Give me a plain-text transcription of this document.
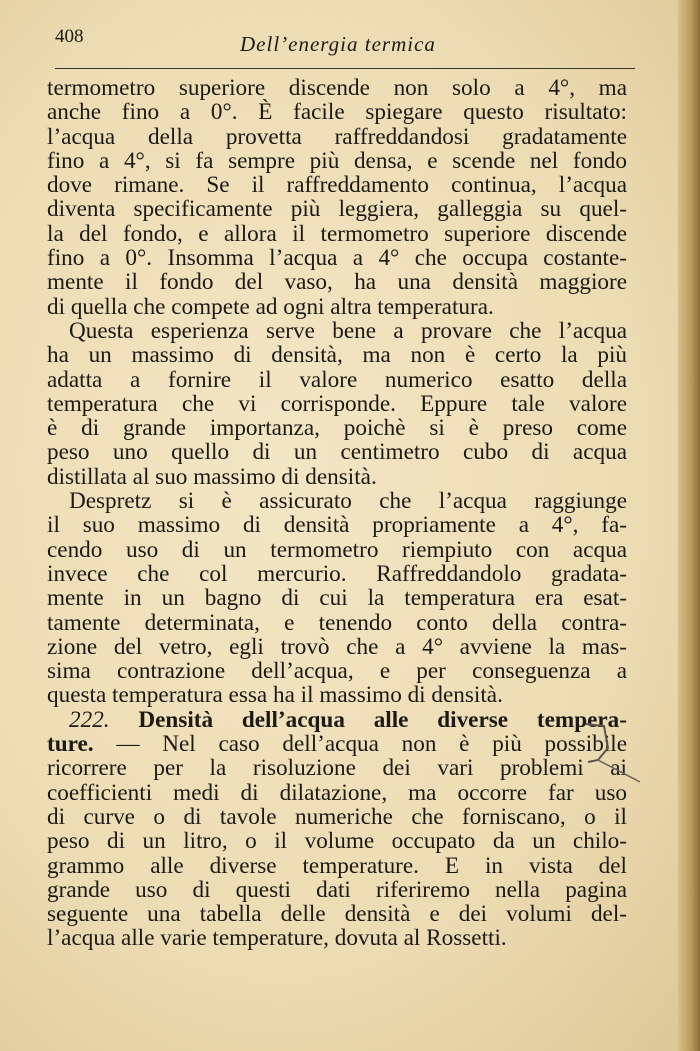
408	Dell’energia termica
termometro superiore discende non solo a 4°, ma
anche fino a 0°. È facile spiegare questo risultato:
l’acqua della provetta raffreddandosi gradatamente
fino a 4°, si fa sempre più densa, e scende nel fondo
dove rimane. Se il raffreddamento continua, l’acqua
diventa specificamente più leggiera, galleggia su quel-
la del fondo, e allora il termometro superiore discende
fino a 0°. Insomma l’acqua a 4° che occupa costante-
mente il fondo del vaso, ha una densità maggiore
di quella che compete ad ogni altra temperatura.
Questa esperienza serve bene a provare che l’acqua
ha un massimo di densità, ma non è certo la più
adatta a fornire il valore numerico esatto della
temperatura che vi corrisponde. Eppure tale valore
è di grande importanza, poichè si è preso come
peso uno quello di un centimetro cubo di acqua
distillata al suo massimo di densità.
Despretz si è assicurato che l’acqua raggiunge
il suo massimo di densità propriamente a 4°, fa-
cendo uso di un termometro riempiuto con acqua
invece che col mercurio. Raffreddandolo gradata-
mente in un bagno di cui la temperatura era esat-
tamente determinata, e tenendo conto della contra-
zione del vetro, egli trovò che a 4° avviene la mas-
sima contrazione dell’acqua, e per conseguenza a
questa temperatura essa ha il massimo di densità.
222. Densità dell’acqua alle diverse tempera-
ture. — Nel caso dell’acqua non è più possibile
ricorrere per la risoluzione dei vari problemi ai
coefficienti medi di dilatazione, ma occorre far uso
di curve o di tavole numeriche che forniscano, o il
peso di un litro, o il volume occupato da un chilo-
grammo alle diverse temperature. E in vista del
grande uso di questi dati riferiremo nella pagina
seguente una tabella delle densità e dei volumi del-
l’acqua alle varie temperature, dovuta al Rossetti.
